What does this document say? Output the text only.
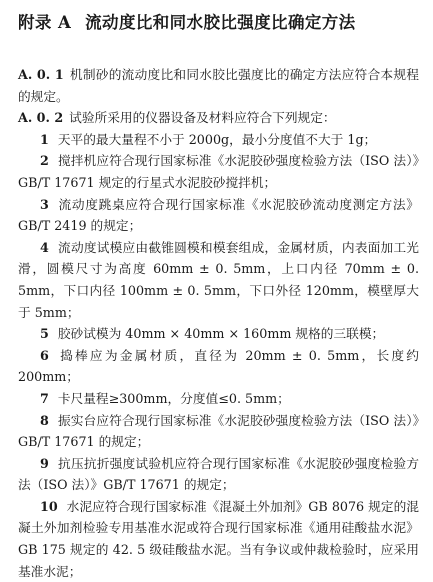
附录 A 流动度比和同水胶比强度比确定方法

A. 0. 1 机制砂的流动度比和同水胶比强度比的确定方法应符合本规程的规定。

A. 0. 2 试验所采用的仪器设备及材料应符合下列规定：

1 天平的最大量程不小于 2000g，最小分度值不大于 1g；

2 搅拌机应符合现行国家标准《水泥胶砂强度检验方法（ISO 法）》GB/T 17671 规定的行星式水泥胶砂搅拌机；

3 流动度跳桌应符合现行国家标准《水泥胶砂流动度测定方法》GB/T 2419 的规定；

4 流动度试模应由截锥圆模和模套组成，金属材质，内表面加工光滑，圆模尺寸为高度 60mm ± 0. 5mm，上口内径 70mm ± 0. 5mm，下口内径 100mm ± 0. 5mm，下口外径 120mm，模壁厚大于 5mm；

5 胶砂试模为 40mm × 40mm × 160mm 规格的三联模；

6 捣棒应为金属材质，直径为 20mm ± 0. 5mm，长度约 200mm；

7 卡尺量程≥300mm，分度值≤0. 5mm；

8 振实台应符合现行国家标准《水泥胶砂强度检验方法（ISO 法）》GB/T 17671 的规定；

9 抗压抗折强度试验机应符合现行国家标准《水泥胶砂强度检验方法（ISO 法）》GB/T 17671 的规定；

10 水泥应符合现行国家标准《混凝土外加剂》GB 8076 规定的混凝土外加剂检验专用基准水泥或符合现行国家标准《通用硅酸盐水泥》GB 175 规定的 42. 5 级硅酸盐水泥。当有争议或仲裁检验时，应采用基准水泥；
